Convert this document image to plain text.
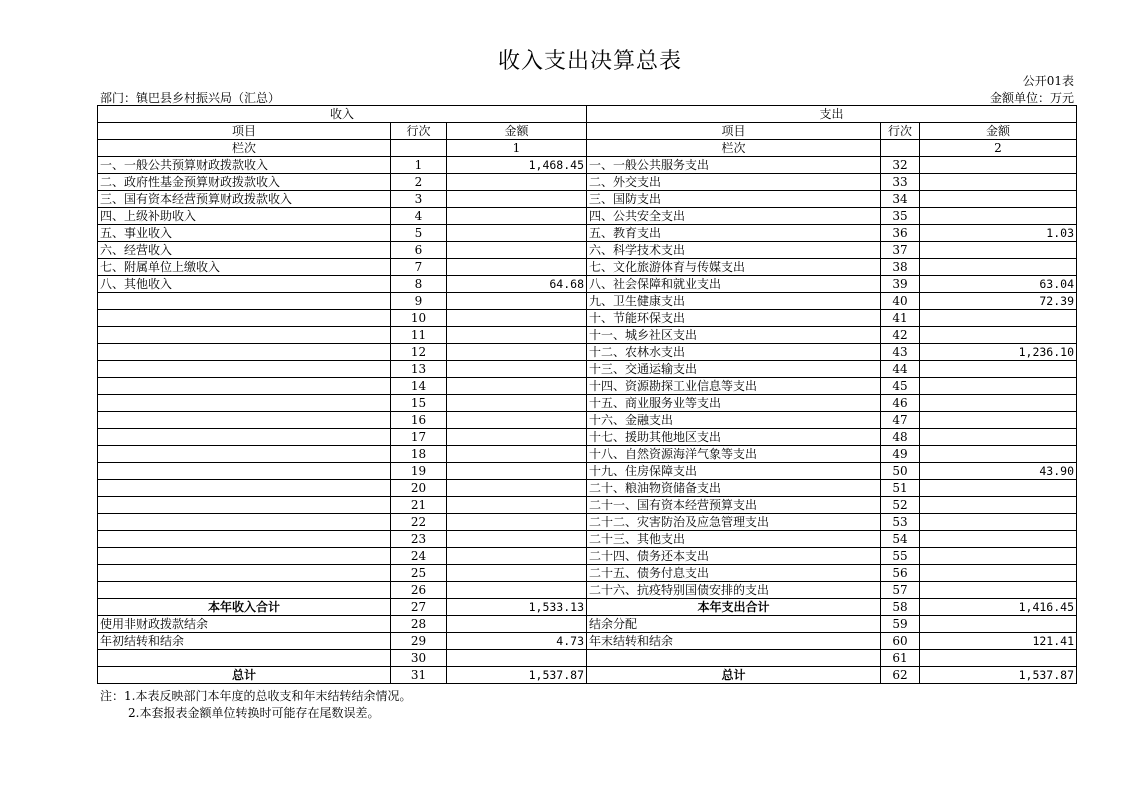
收入支出决算总表
公开01表
部门：镇巴县乡村振兴局（汇总）	金额单位：万元
收入			支出		
项目	行次	金额	项目	行次	金额
栏次		1	栏次		2
一、一般公共预算财政拨款收入	1	1,468.45	一、一般公共服务支出	32	
二、政府性基金预算财政拨款收入	2		二、外交支出	33	
三、国有资本经营预算财政拨款收入	3		三、国防支出	34	
四、上级补助收入	4		四、公共安全支出	35	
五、事业收入	5		五、教育支出	36	1.03
六、经营收入	6		六、科学技术支出	37	
七、附属单位上缴收入	7		七、文化旅游体育与传媒支出	38	
八、其他收入	8	64.68	八、社会保障和就业支出	39	63.04
	9		九、卫生健康支出	40	72.39
	10		十、节能环保支出	41	
	11		十一、城乡社区支出	42	
	12		十二、农林水支出	43	1,236.10
	13		十三、交通运输支出	44	
	14		十四、资源勘探工业信息等支出	45	
	15		十五、商业服务业等支出	46	
	16		十六、金融支出	47	
	17		十七、援助其他地区支出	48	
	18		十八、自然资源海洋气象等支出	49	
	19		十九、住房保障支出	50	43.90
	20		二十、粮油物资储备支出	51	
	21		二十一、国有资本经营预算支出	52	
	22		二十二、灾害防治及应急管理支出	53	
	23		二十三、其他支出	54	
	24		二十四、债务还本支出	55	
	25		二十五、债务付息支出	56	
	26		二十六、抗疫特别国债安排的支出	57	
本年收入合计	27	1,533.13	本年支出合计	58	1,416.45
使用非财政拨款结余	28		结余分配	59	
年初结转和结余	29	4.73	年末结转和结余	60	121.41
	30			61	
总计	31	1,537.87	总计	62	1,537.87
注：1.本表反映部门本年度的总收支和年末结转结余情况。
2.本套报表金额单位转换时可能存在尾数误差。
